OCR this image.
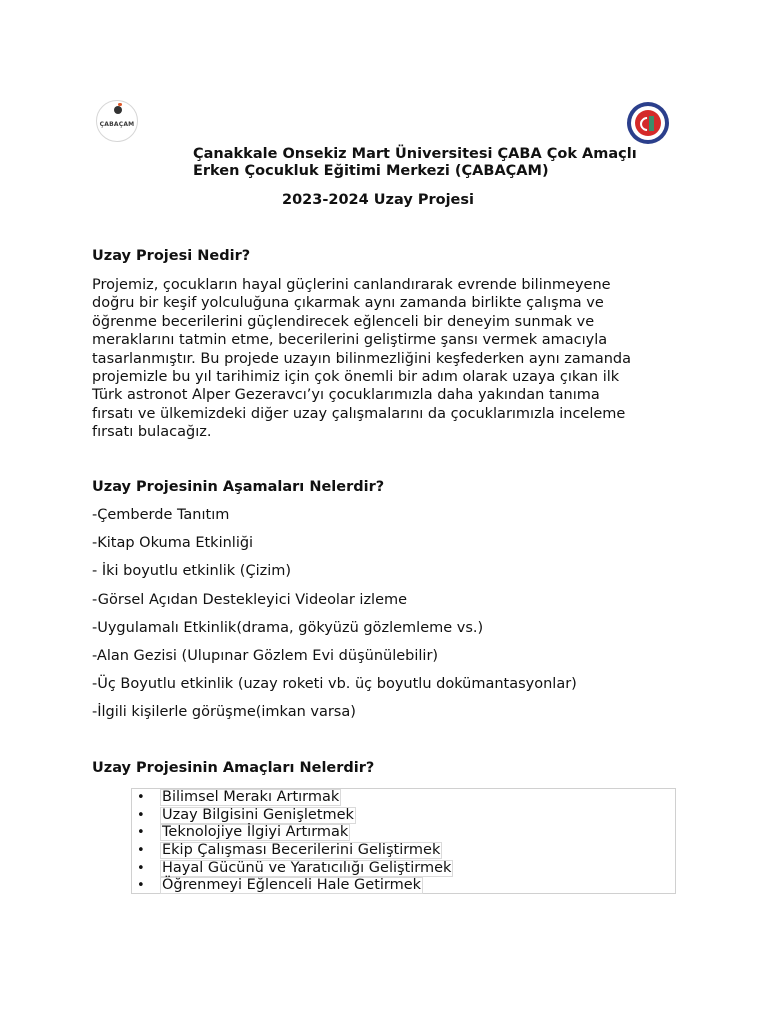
ÇABAÇAM
Çanakkale Onsekiz Mart Üniversitesi ÇABA Çok Amaçlı
Erken Çocukluk Eğitimi Merkezi (ÇABAÇAM)
2023-2024 Uzay Projesi
Uzay Projesi Nedir?

Projemiz, çocukların hayal güçlerini canlandırarak evrende bilinmeyene
doğru bir keşif yolculuğuna çıkarmak aynı zamanda birlikte çalışma ve
öğrenme becerilerini güçlendirecek eğlenceli bir deneyim sunmak ve
meraklarını tatmin etme, becerilerini geliştirme şansı vermek amacıyla
tasarlanmıştır. Bu projede uzayın bilinmezliğini keşfederken aynı zamanda
projemizle bu yıl tarihimiz için çok önemli bir adım olarak uzaya çıkan ilk
Türk astronot Alper Gezeravcı’yı çocuklarımızla daha yakından tanıma
fırsatı ve ülkemizdeki diğer uzay çalışmalarını da çocuklarımızla inceleme
fırsatı bulacağız.

Uzay Projesinin Aşamaları Nelerdir?
-Çemberde Tanıtım
-Kitap Okuma Etkinliği
- İki boyutlu etkinlik (Çizim)
-Görsel Açıdan Destekleyici Videolar izleme
-Uygulamalı Etkinlik(drama, gökyüzü gözlemleme vs.)
-Alan Gezisi (Ulupınar Gözlem Evi düşünülebilir)
-Üç Boyutlu etkinlik (uzay roketi vb. üç boyutlu dokümantasyonlar)
-İlgili kişilerle görüşme(imkan varsa)
Uzay Projesinin Amaçları Nelerdir?
•	Bilimsel Merakı Artırmak
•	Uzay Bilgisini Genişletmek
•	Teknolojiye İlgiyi Artırmak
•	Ekip Çalışması Becerilerini Geliştirmek
•	Hayal Gücünü ve Yaratıcılığı Geliştirmek
•	Öğrenmeyi Eğlenceli Hale Getirmek
